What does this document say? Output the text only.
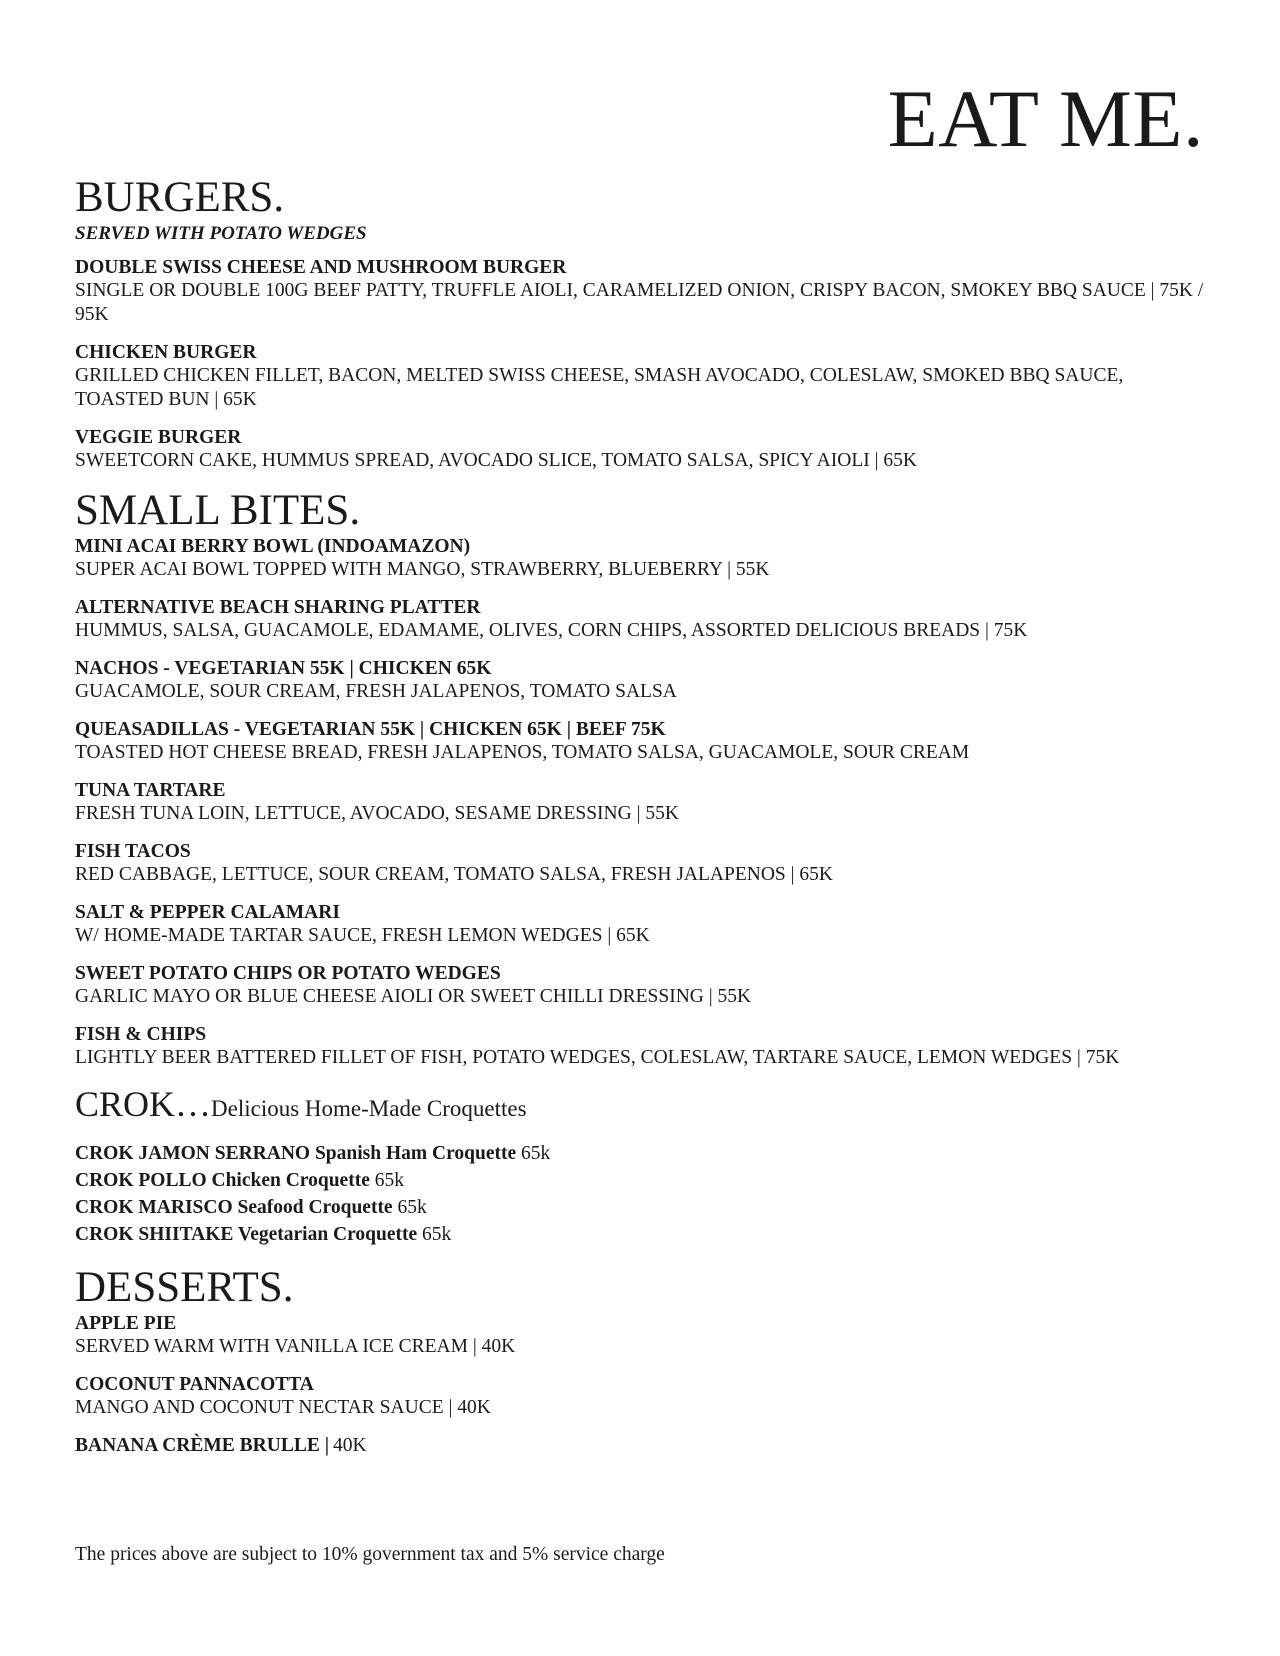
EAT ME.
BURGERS.
SERVED WITH POTATO WEDGES
DOUBLE SWISS CHEESE AND MUSHROOM BURGER
SINGLE OR DOUBLE 100G BEEF PATTY, TRUFFLE AIOLI, CARAMELIZED ONION, CRISPY BACON, SMOKEY BBQ SAUCE | 75K / 95K
CHICKEN BURGER
GRILLED CHICKEN FILLET, BACON, MELTED SWISS CHEESE, SMASH AVOCADO, COLESLAW, SMOKED BBQ SAUCE, TOASTED BUN | 65K
VEGGIE BURGER
SWEETCORN CAKE, HUMMUS SPREAD, AVOCADO SLICE, TOMATO SALSA, SPICY AIOLI | 65K
SMALL BITES.
MINI ACAI BERRY BOWL (INDOAMAZON)
SUPER ACAI BOWL TOPPED WITH MANGO, STRAWBERRY, BLUEBERRY | 55K
ALTERNATIVE BEACH SHARING PLATTER
HUMMUS, SALSA, GUACAMOLE, EDAMAME, OLIVES, CORN CHIPS, ASSORTED DELICIOUS BREADS | 75K
NACHOS - VEGETARIAN 55K | CHICKEN 65K
GUACAMOLE, SOUR CREAM, FRESH JALAPENOS, TOMATO SALSA
QUEASADILLAS - VEGETARIAN 55K | CHICKEN 65K | BEEF 75K
TOASTED HOT CHEESE BREAD, FRESH JALAPENOS, TOMATO SALSA, GUACAMOLE, SOUR CREAM
TUNA TARTARE
FRESH TUNA LOIN, LETTUCE, AVOCADO, SESAME DRESSING | 55K
FISH TACOS
RED CABBAGE, LETTUCE, SOUR CREAM, TOMATO SALSA, FRESH JALAPENOS | 65K
SALT & PEPPER CALAMARI
W/ HOME-MADE TARTAR SAUCE, FRESH LEMON WEDGES | 65K
SWEET POTATO CHIPS OR POTATO WEDGES
GARLIC MAYO OR BLUE CHEESE AIOLI OR SWEET CHILLI DRESSING | 55K
FISH & CHIPS
LIGHTLY BEER BATTERED FILLET OF FISH, POTATO WEDGES, COLESLAW, TARTARE SAUCE, LEMON WEDGES | 75K
CROK…Delicious Home-Made Croquettes
CROK JAMON SERRANO Spanish Ham Croquette 65k
CROK POLLO Chicken Croquette 65k
CROK MARISCO Seafood Croquette 65k
CROK SHIITAKE Vegetarian Croquette 65k
DESSERTS.
APPLE PIE
SERVED WARM WITH VANILLA ICE CREAM | 40K
COCONUT PANNACOTTA
MANGO AND COCONUT NECTAR SAUCE | 40K
BANANA CRÈME BRULLE | 40K
The prices above are subject to 10% government tax and 5% service charge
